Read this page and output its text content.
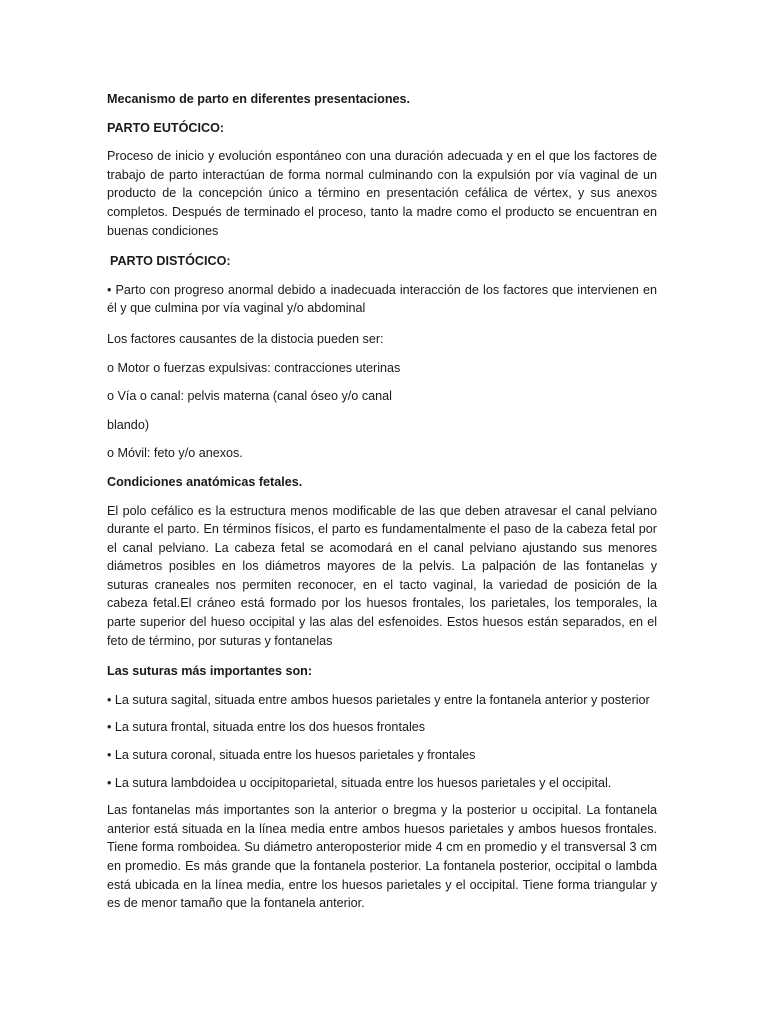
Mecanismo de parto en diferentes presentaciones.

PARTO EUTÓCICO:

Proceso de inicio y evolución espontáneo con una duración adecuada y en el que los factores de trabajo de parto interactúan de forma normal culminando con la expulsión por vía vaginal de un producto de la concepción único a término en presentación cefálica de vértex, y sus anexos completos. Después de terminado el proceso, tanto la madre como el producto se encuentran en buenas condiciones

PARTO DISTÓCICO:

• Parto con progreso anormal debido a inadecuada interacción de los factores que intervienen en él y que culmina por vía vaginal y/o abdominal

Los factores causantes de la distocia pueden ser:

o Motor o fuerzas expulsivas: contracciones uterinas

o Vía o canal: pelvis materna (canal óseo y/o canal

blando)

o Móvil: feto y/o anexos.

Condiciones anatómicas fetales.

El polo cefálico es la estructura menos modificable de las que deben atravesar el canal pelviano durante el parto. En términos físicos, el parto es fundamentalmente el paso de la cabeza fetal por el canal pelviano. La cabeza fetal se acomodará en el canal pelviano ajustando sus menores diámetros posibles en los diámetros mayores de la pelvis. La palpación de las fontanelas y suturas craneales nos permiten reconocer, en el tacto vaginal, la variedad de posición de la cabeza fetal.El cráneo está formado por los huesos frontales, los parietales, los temporales, la parte superior del hueso occipital y las alas del esfenoides. Estos huesos están separados, en el feto de término, por suturas y fontanelas

Las suturas más importantes son:

• La sutura sagital, situada entre ambos huesos parietales y entre la fontanela anterior y posterior

• La sutura frontal, situada entre los dos huesos frontales

• La sutura coronal, situada entre los huesos parietales y frontales

• La sutura lambdoidea u occipitoparietal, situada entre los huesos parietales y el occipital.

Las fontanelas más importantes son la anterior o bregma y la posterior u occipital. La fontanela anterior está situada en la línea media entre ambos huesos parietales y ambos huesos frontales. Tiene forma romboidea. Su diámetro anteroposterior mide 4 cm en promedio y el transversal 3 cm en promedio. Es más grande que la fontanela posterior. La fontanela posterior, occipital o lambda está ubicada en la línea media, entre los huesos parietales y el occipital. Tiene forma triangular y es de menor tamaño que la fontanela anterior.
